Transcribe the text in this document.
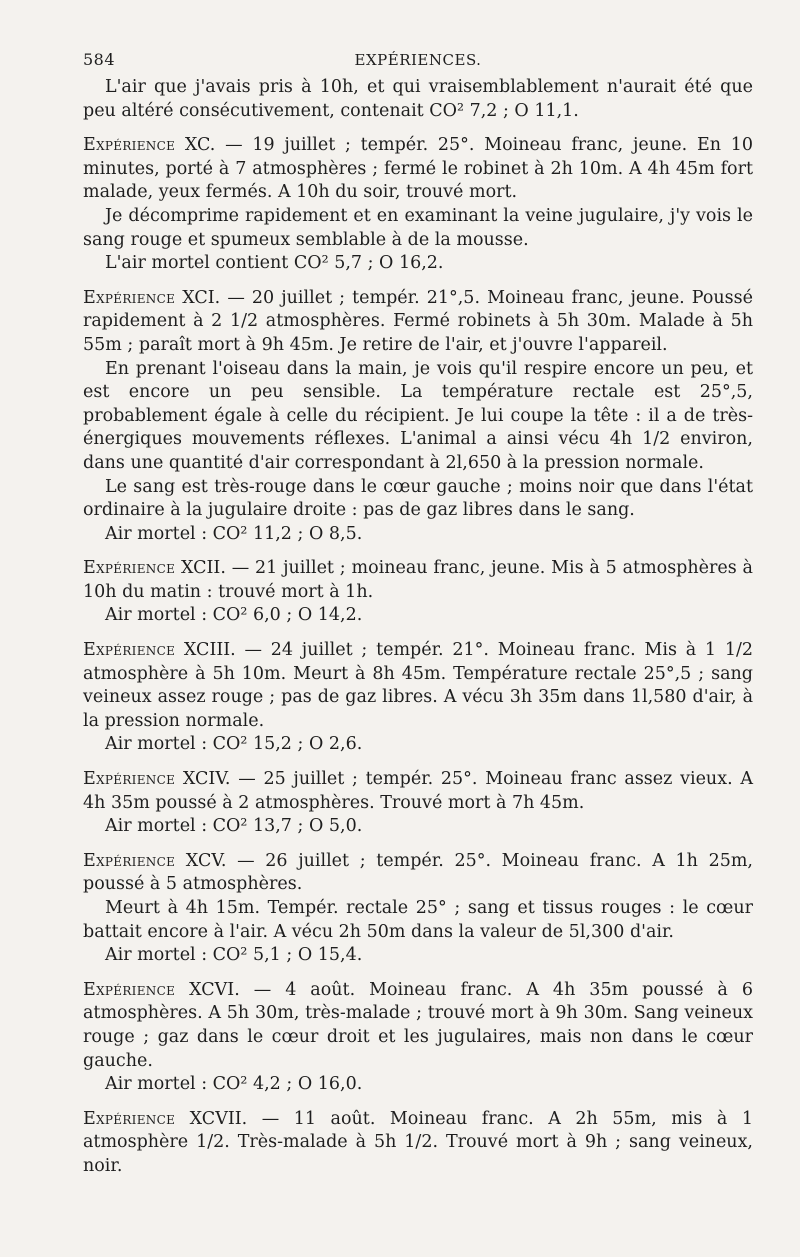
584	EXPÉRIENCES.

L'air que j'avais pris à 10h, et qui vraisemblablement n'aurait été que peu altéré consécutivement, contenait CO² 7,2 ; O 11,1.

Expérience XC. — 19 juillet ; tempér. 25°. Moineau franc, jeune. En 10 minutes, porté à 7 atmosphères ; fermé le robinet à 2h 10m. A 4h 45m fort malade, yeux fermés. A 10h du soir, trouvé mort.

Je décomprime rapidement et en examinant la veine jugulaire, j'y vois le sang rouge et spumeux semblable à de la mousse.

L'air mortel contient CO² 5,7 ; O 16,2.

Expérience XCI. — 20 juillet ; tempér. 21°,5. Moineau franc, jeune. Poussé rapidement à 2 1/2 atmosphères. Fermé robinets à 5h 30m. Malade à 5h 55m ; paraît mort à 9h 45m. Je retire de l'air, et j'ouvre l'appareil.

En prenant l'oiseau dans la main, je vois qu'il respire encore un peu, et est encore un peu sensible. La température rectale est 25°,5, probablement égale à celle du récipient. Je lui coupe la tête : il a de très-énergiques mouvements réflexes. L'animal a ainsi vécu 4h 1/2 environ, dans une quantité d'air correspondant à 2l,650 à la pression normale.

Le sang est très-rouge dans le cœur gauche ; moins noir que dans l'état ordinaire à la jugulaire droite : pas de gaz libres dans le sang.

Air mortel : CO² 11,2 ; O 8,5.

Expérience XCII. — 21 juillet ; moineau franc, jeune. Mis à 5 atmosphères à 10h du matin : trouvé mort à 1h.

Air mortel : CO² 6,0 ; O 14,2.

Expérience XCIII. — 24 juillet ; tempér. 21°. Moineau franc. Mis à 1 1/2 atmosphère à 5h 10m. Meurt à 8h 45m. Température rectale 25°,5 ; sang veineux assez rouge ; pas de gaz libres. A vécu 3h 35m dans 1l,580 d'air, à la pression normale.

Air mortel : CO² 15,2 ; O 2,6.

Expérience XCIV. — 25 juillet ; tempér. 25°. Moineau franc assez vieux. A 4h 35m poussé à 2 atmosphères. Trouvé mort à 7h 45m.

Air mortel : CO² 13,7 ; O 5,0.

Expérience XCV. — 26 juillet ; tempér. 25°. Moineau franc. A 1h 25m, poussé à 5 atmosphères.

Meurt à 4h 15m. Tempér. rectale 25° ; sang et tissus rouges : le cœur battait encore à l'air. A vécu 2h 50m dans la valeur de 5l,300 d'air.

Air mortel : CO² 5,1 ; O 15,4.

Expérience XCVI. — 4 août. Moineau franc. A 4h 35m poussé à 6 atmosphères. A 5h 30m, très-malade ; trouvé mort à 9h 30m. Sang veineux rouge ; gaz dans le cœur droit et les jugulaires, mais non dans le cœur gauche.

Air mortel : CO² 4,2 ; O 16,0.

Expérience XCVII. — 11 août. Moineau franc. A 2h 55m, mis à 1 atmosphère 1/2. Très-malade à 5h 1/2. Trouvé mort à 9h ; sang veineux, noir.
